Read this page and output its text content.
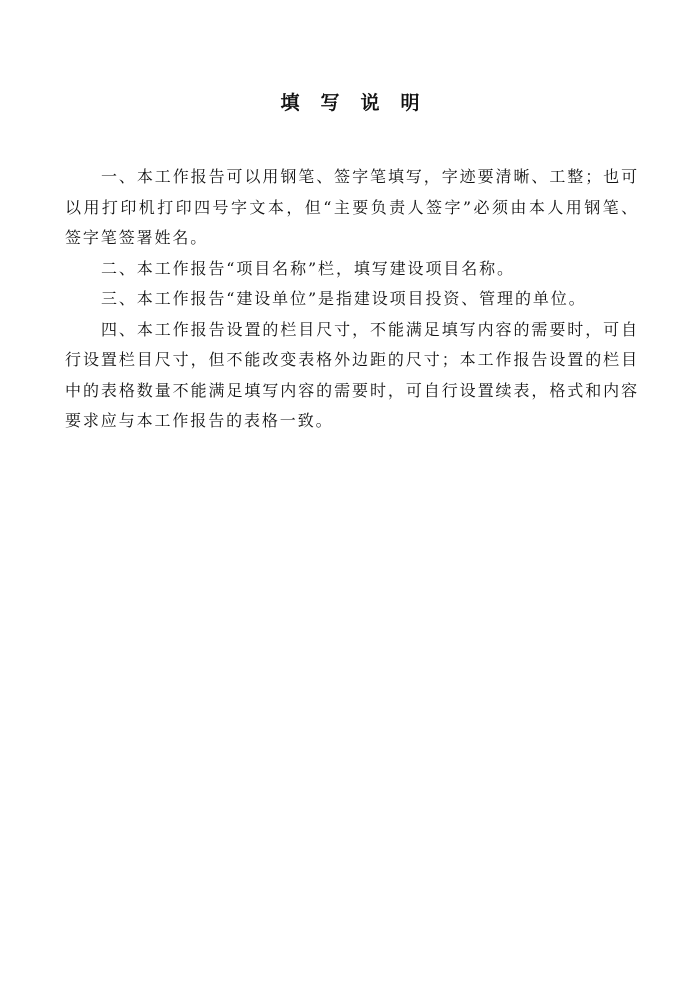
填写说明

一、本工作报告可以用钢笔、签字笔填写，字迹要清晰、工整；也可以用打印机打印四号字文本，但“主要负责人签字”必须由本人用钢笔、签字笔签署姓名。

二、本工作报告“项目名称”栏，填写建设项目名称。

三、本工作报告“建设单位”是指建设项目投资、管理的单位。

四、本工作报告设置的栏目尺寸，不能满足填写内容的需要时，可自行设置栏目尺寸，但不能改变表格外边距的尺寸；本工作报告设置的栏目中的表格数量不能满足填写内容的需要时，可自行设置续表，格式和内容要求应与本工作报告的表格一致。
